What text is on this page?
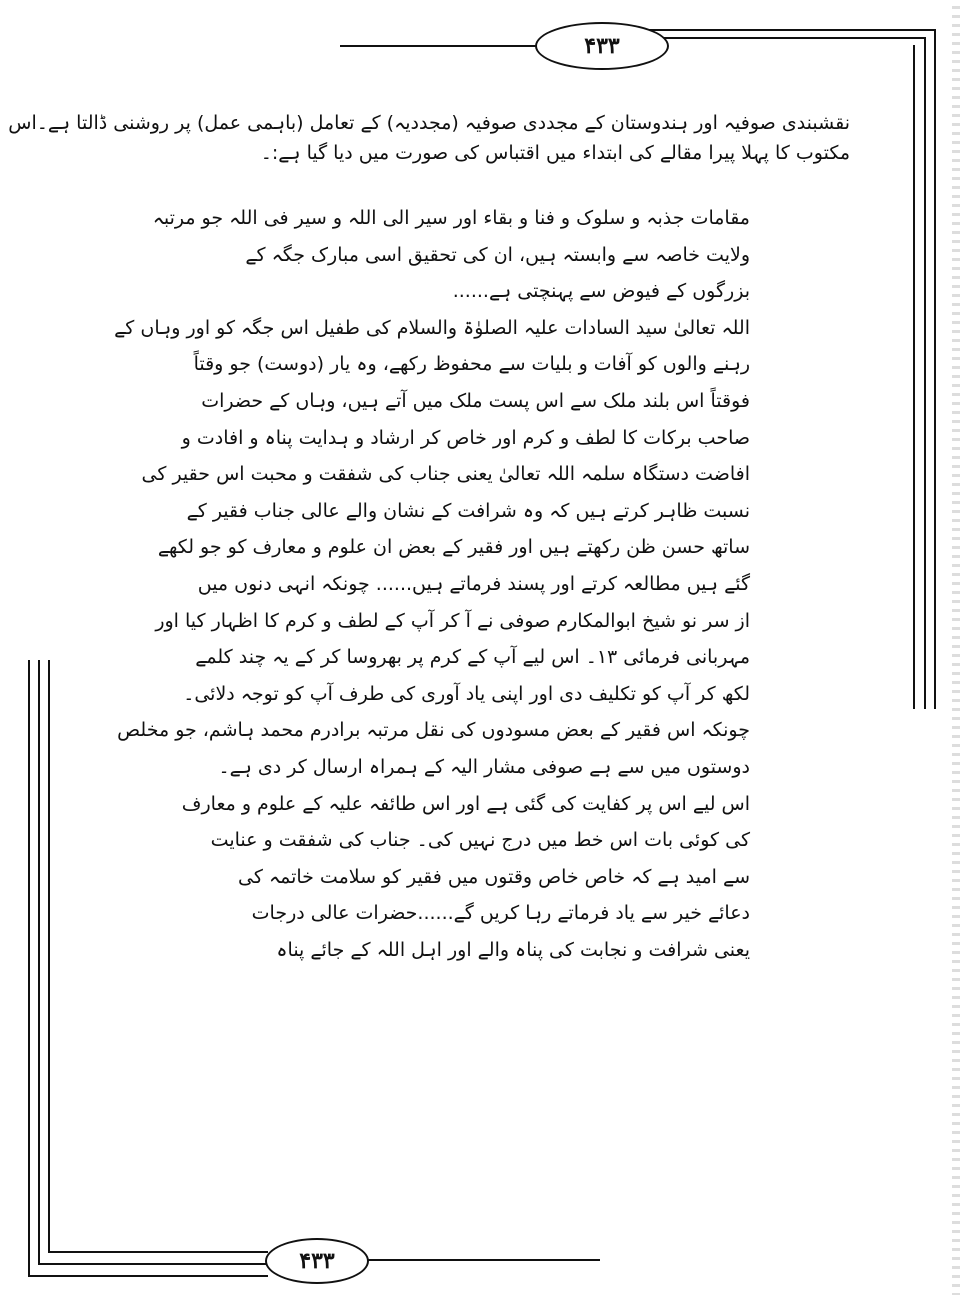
۴۳۳
۴۳۳
نقشبندی صوفیہ اور ہندوستان کے مجددی صوفیہ (مجددیہ) کے تعامل (باہمی عمل) پر روشنی ڈالتا ہے۔اس
مکتوب کا پہلا پیرا مقالے کی ابتداء میں اقتباس کی صورت میں دیا گیا ہے:۔
مقامات جذبہ و سلوک و فنا و بقاء اور سیر الی اللہ و سیر فی اللہ جو مرتبہ
ولایت خاصہ سے وابستہ ہیں، ان کی تحقیق اسی مبارک جگہ کے
بزرگوں کے فیوض سے پہنچتی ہے......
اللہ تعالیٰ سید السادات علیہ الصلوٰۃ والسلام کی طفیل اس جگہ کو اور وہاں کے
رہنے والوں کو آفات و بلیات سے محفوظ رکھے، وہ یار (دوست) جو وقتاً
فوقتاً اس بلند ملک سے اس پست ملک میں آتے ہیں، وہاں کے حضرات
صاحب برکات کا لطف و کرم اور خاص کر ارشاد و ہدایت پناہ و افادت و
افاضت دستگاہ سلمہ اللہ تعالیٰ یعنی جناب کی شفقت و محبت اس حقیر کی
نسبت ظاہر کرتے ہیں کہ وہ شرافت کے نشان والے عالی جناب فقیر کے
ساتھ حسن ظن رکھتے ہیں اور فقیر کے بعض ان علوم و معارف کو جو لکھے
گئے ہیں مطالعہ کرتے اور پسند فرماتے ہیں...... چونکہ انہی دنوں میں
از سر نو شیخ ابوالمکارم صوفی نے آ کر آپ کے لطف و کرم کا اظہار کیا اور
مہربانی فرمائی ۱۳۔ اس لیے آپ کے کرم پر بھروسا کر کے یہ چند کلمے
لکھ کر آپ کو تکلیف دی اور اپنی یاد آوری کی طرف آپ کو توجہ دلائی۔
چونکہ اس فقیر کے بعض مسودوں کی نقل مرتبہ برادرم محمد ہاشم، جو مخلص
دوستوں میں سے ہے صوفی مشار الیہ کے ہمراہ ارسال کر دی ہے۔
اس لیے اس پر کفایت کی گئی ہے اور اس طائفہ علیہ کے علوم و معارف
کی کوئی بات اس خط میں درج نہیں کی۔ جناب کی شفقت و عنایت
سے امید ہے کہ خاص خاص وقتوں میں فقیر کو سلامت خاتمہ کی
دعائے خیر سے یاد فرماتے رہا کریں گے......حضرات عالی درجات
یعنی شرافت و نجابت کی پناہ والے اور اہل اللہ کے جائے پناہ
